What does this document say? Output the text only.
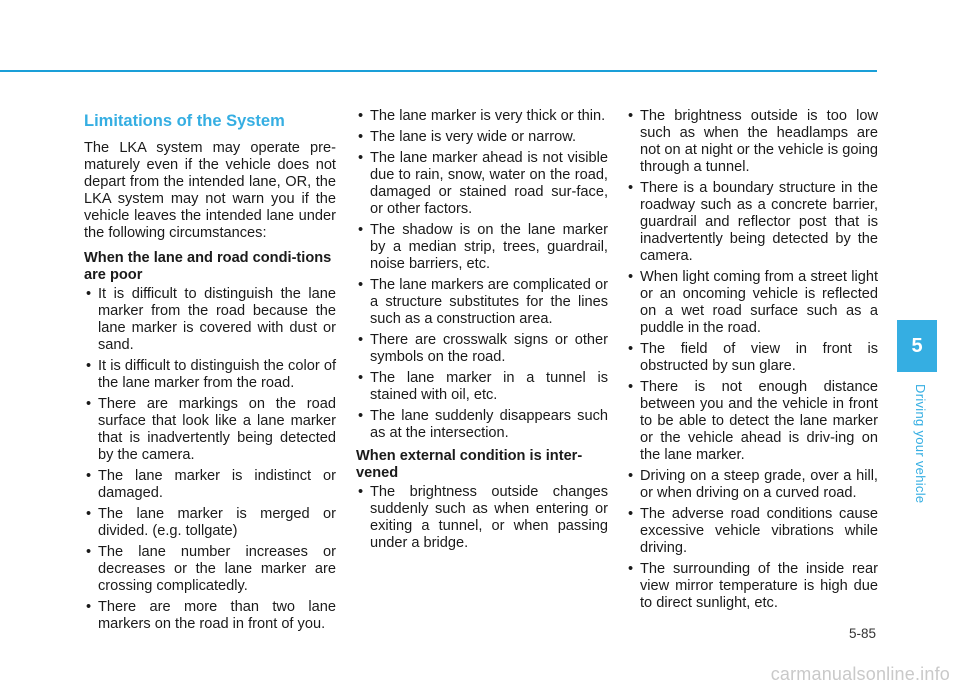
Limitations of the System

The LKA system may operate pre-maturely even if the vehicle does not depart from the intended lane, OR, the LKA system may not warn you if the vehicle leaves the intended lane under the following circumstances:

When the lane and road condi-tions are poor
• It is difficult to distinguish the lane marker from the road because the lane marker is covered with dust or sand.
• It is difficult to distinguish the color of the lane marker from the road.
• There are markings on the road surface that look like a lane marker that is inadvertently being detected by the camera.
• The lane marker is indistinct or damaged.
• The lane marker is merged or divided. (e.g. tollgate)
• The lane number increases or decreases or the lane marker are crossing complicatedly.
• There are more than two lane markers on the road in front of you.
• The lane marker is very thick or thin.
• The lane is very wide or narrow.
• The lane marker ahead is not visible due to rain, snow, water on the road, damaged or stained road sur-face, or other factors.
• The shadow is on the lane marker by a median strip, trees, guardrail, noise barriers, etc.
• The lane markers are complicated or a structure substitutes for the lines such as a construction area.
• There are crosswalk signs or other symbols on the road.
• The lane marker in a tunnel is stained with oil, etc.
• The lane suddenly disappears such as at the intersection.
When external condition is inter-vened
• The brightness outside changes suddenly such as when entering or exiting a tunnel, or when passing under a bridge.
• The brightness outside is too low such as when the headlamps are not on at night or the vehicle is going through a tunnel.
• There is a boundary structure in the roadway such as a concrete barrier, guardrail and reflector post that is inadvertently being detected by the camera.
• When light coming from a street light or an oncoming vehicle is reflected on a wet road surface such as a puddle in the road.
• The field of view in front is obstructed by sun glare.
• There is not enough distance between you and the vehicle in front to be able to detect the lane marker or the vehicle ahead is driv-ing on the lane marker.
• Driving on a steep grade, over a hill, or when driving on a curved road.
• The adverse road conditions cause excessive vehicle vibrations while driving.
• The surrounding of the inside rear view mirror temperature is high due to direct sunlight, etc.
5
Driving your vehicle
5-85
carmanualsonline.info
